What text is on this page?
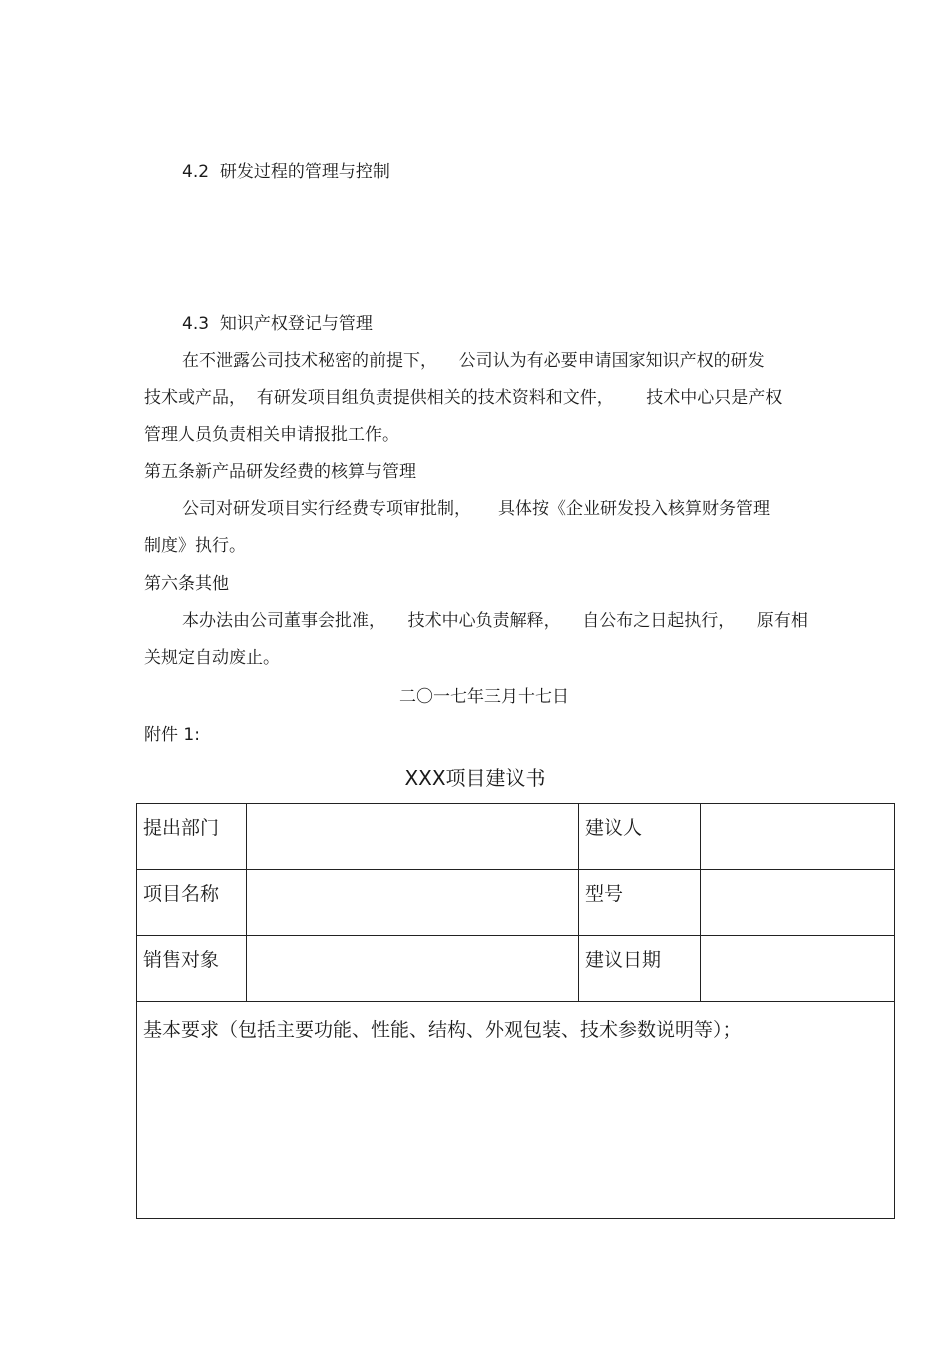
4.2  研发过程的管理与控制
4.3  知识产权登记与管理
在不泄露公司技术秘密的前提下，    公司认为有必要申请国家知识产权的研发
技术或产品，  有研发项目组负责提供相关的技术资料和文件，      技术中心只是产权
管理人员负责相关申请报批工作。
第五条新产品研发经费的核算与管理
公司对研发项目实行经费专项审批制，     具体按《企业研发投入核算财务管理
制度》执行。
第六条其他
本办法由公司董事会批准，    技术中心负责解释，    自公布之日起执行，    原有相
关规定自动废止。
二〇一七年三月十七日
附件 1:
XXX项目建议书
提出部门		建议人	
项目名称		型号	
销售对象		建议日期	
基本要求（包括主要功能、性能、结构、外观包装、技术参数说明等）；			
